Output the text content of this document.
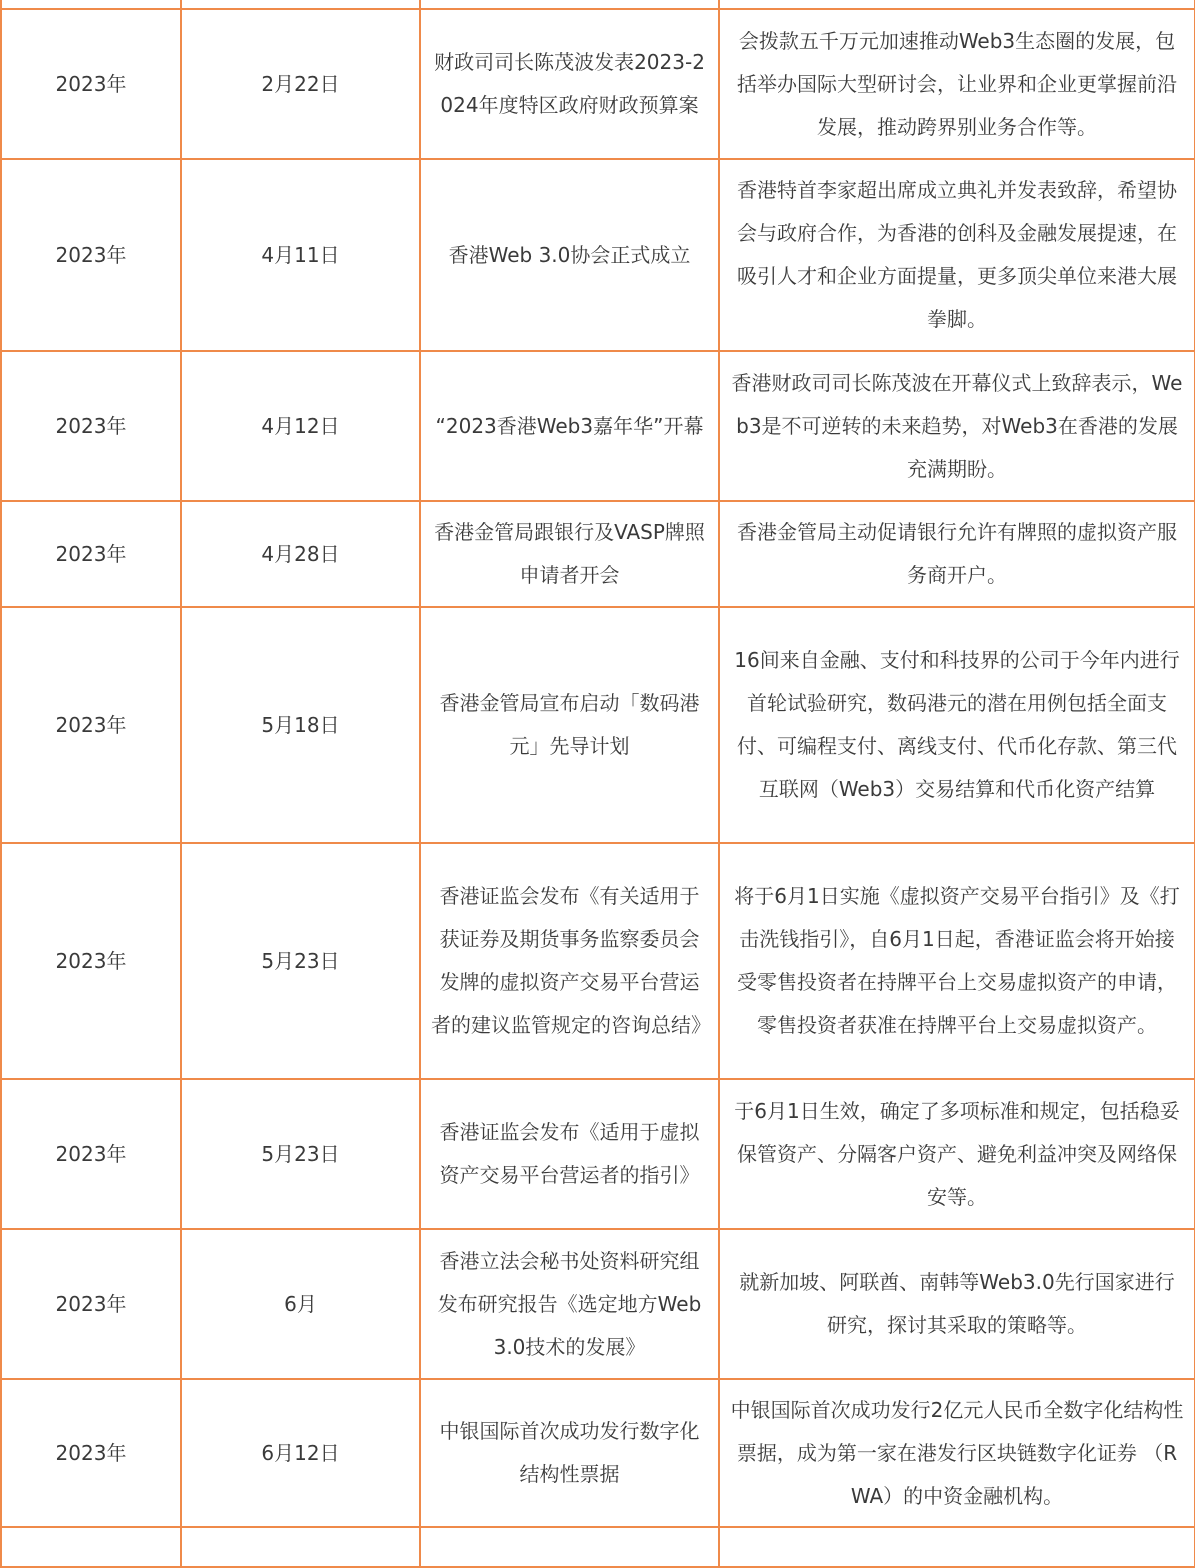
2023年	2月22日	财政司司长陈茂波发表2023-2024年度特区政府财政预算案	会拨款五千万元加速推动Web3生态圈的发展，包括举办国际大型研讨会，让业界和企业更掌握前沿发展，推动跨界别业务合作等。
2023年	4月11日	香港Web 3.0协会正式成立	香港特首李家超出席成立典礼并发表致辞，希望协会与政府合作，为香港的创科及金融发展提速，在吸引人才和企业方面提量，更多顶尖单位来港大展拳脚。
2023年	4月12日	“2023香港Web3嘉年华”开幕	香港财政司司长陈茂波在开幕仪式上致辞表示，Web3是不可逆转的未来趋势，对Web3在香港的发展充满期盼。
2023年	4月28日	香港金管局跟银行及VASP牌照申请者开会	香港金管局主动促请银行允许有牌照的虚拟资产服务商开户。
2023年	5月18日	香港金管局宣布启动「数码港元」先导计划	16间来自金融、支付和科技界的公司于今年内进行首轮试验研究，数码港元的潜在用例包括全面支付、可编程支付、离线支付、代币化存款、第三代互联网（Web3）交易结算和代币化资产结算
2023年	5月23日	香港证监会发布《有关适用于获证券及期货事务监察委员会发牌的虚拟资产交易平台营运者的建议监管规定的咨询总结》	将于6月1日实施《虚拟资产交易平台指引》及《打击洗钱指引》，自6月1日起，香港证监会将开始接受零售投资者在持牌平台上交易虚拟资产的申请，零售投资者获准在持牌平台上交易虚拟资产。
2023年	5月23日	香港证监会发布《适用于虚拟资产交易平台营运者的指引》	于6月1日生效，确定了多项标准和规定，包括稳妥保管资产、分隔客户资产、避免利益冲突及网络保安等。
2023年	6月	香港立法会秘书处资料研究组发布研究报告《选定地方Web3.0技术的发展》	就新加坡、阿联酋、南韩等Web3.0先行国家进行研究，探讨其采取的策略等。
2023年	6月12日	中银国际首次成功发行数字化结构性票据	中银国际首次成功发行2亿元人民币全数字化结构性票据，成为第一家在港发行区块链数字化证券 （RWA）的中资金融机构。
